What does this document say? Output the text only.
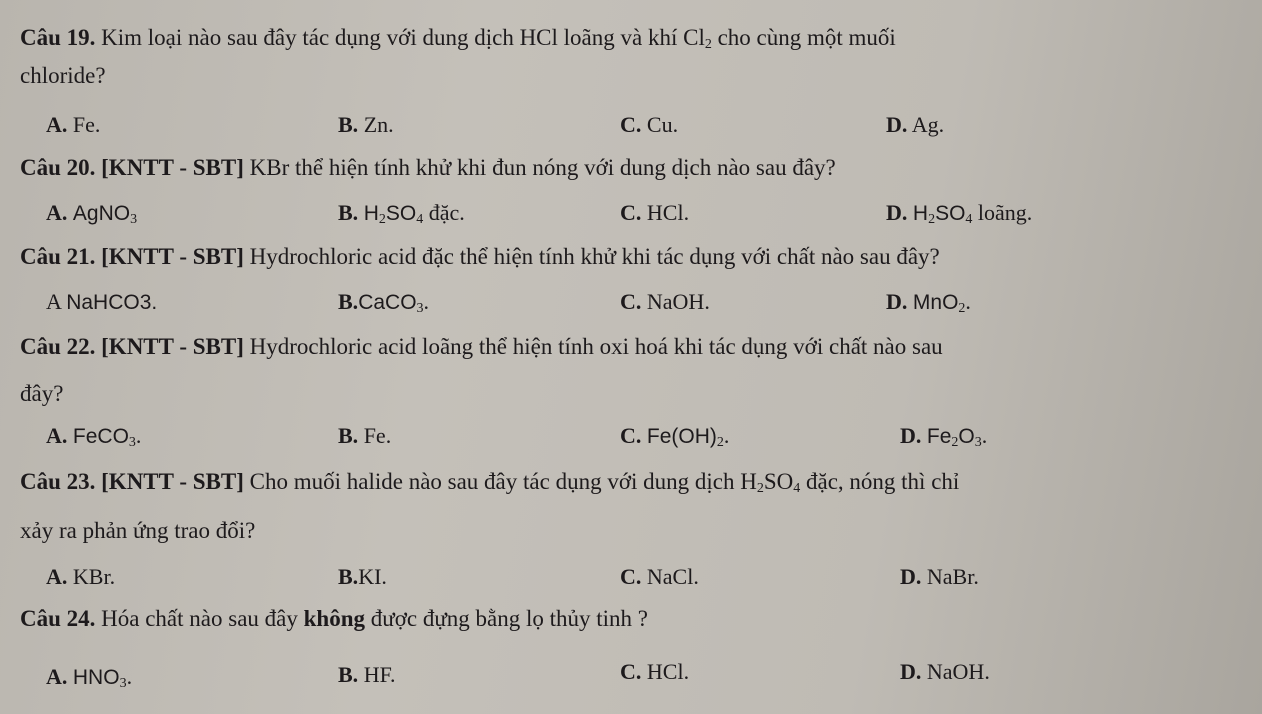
Câu 19. Kim loại nào sau đây tác dụng với dung dịch HCl loãng và khí $Cl_2$ cho cùng một muối
chloride?
A. Fe.	B. Zn.	C. Cu.	D. Ag.
Câu 20. [KNTT - SBT] KBr thể hiện tính khử khi đun nóng với dung dịch nào sau đây?
A. AgNO$_3$	B. $H_2SO_4$ đặc.	C. HCl.	D. $H_2SO_4$ loãng.
Câu 21. [KNTT - SBT] Hydrochloric acid đặc thể hiện tính khử khi tác dụng với chất nào sau đây?
A NaHCO3.	B.CaCO$_3$.	C. NaOH.	D. MnO$_2$.
Câu 22. [KNTT - SBT] Hydrochloric acid loãng thể hiện tính oxi hoá khi tác dụng với chất nào sau
đây?
A. FeCO$_3$.	B. Fe.	C. $Fe(OH)_2$.	D. $Fe_2O_3$.
Câu 23. [KNTT - SBT] Cho muối halide nào sau đây tác dụng với dung dịch $H_2SO_4$ đặc, nóng thì chỉ
xảy ra phản ứng trao đổi?
A. KBr.	B.KI.	C. NaCl.	D. NaBr.
Câu 24. Hóa chất nào sau đây không được đựng bằng lọ thủy tinh ?
A. $HNO_3$.	B. HF.	C. HCl.	D. NaOH.
